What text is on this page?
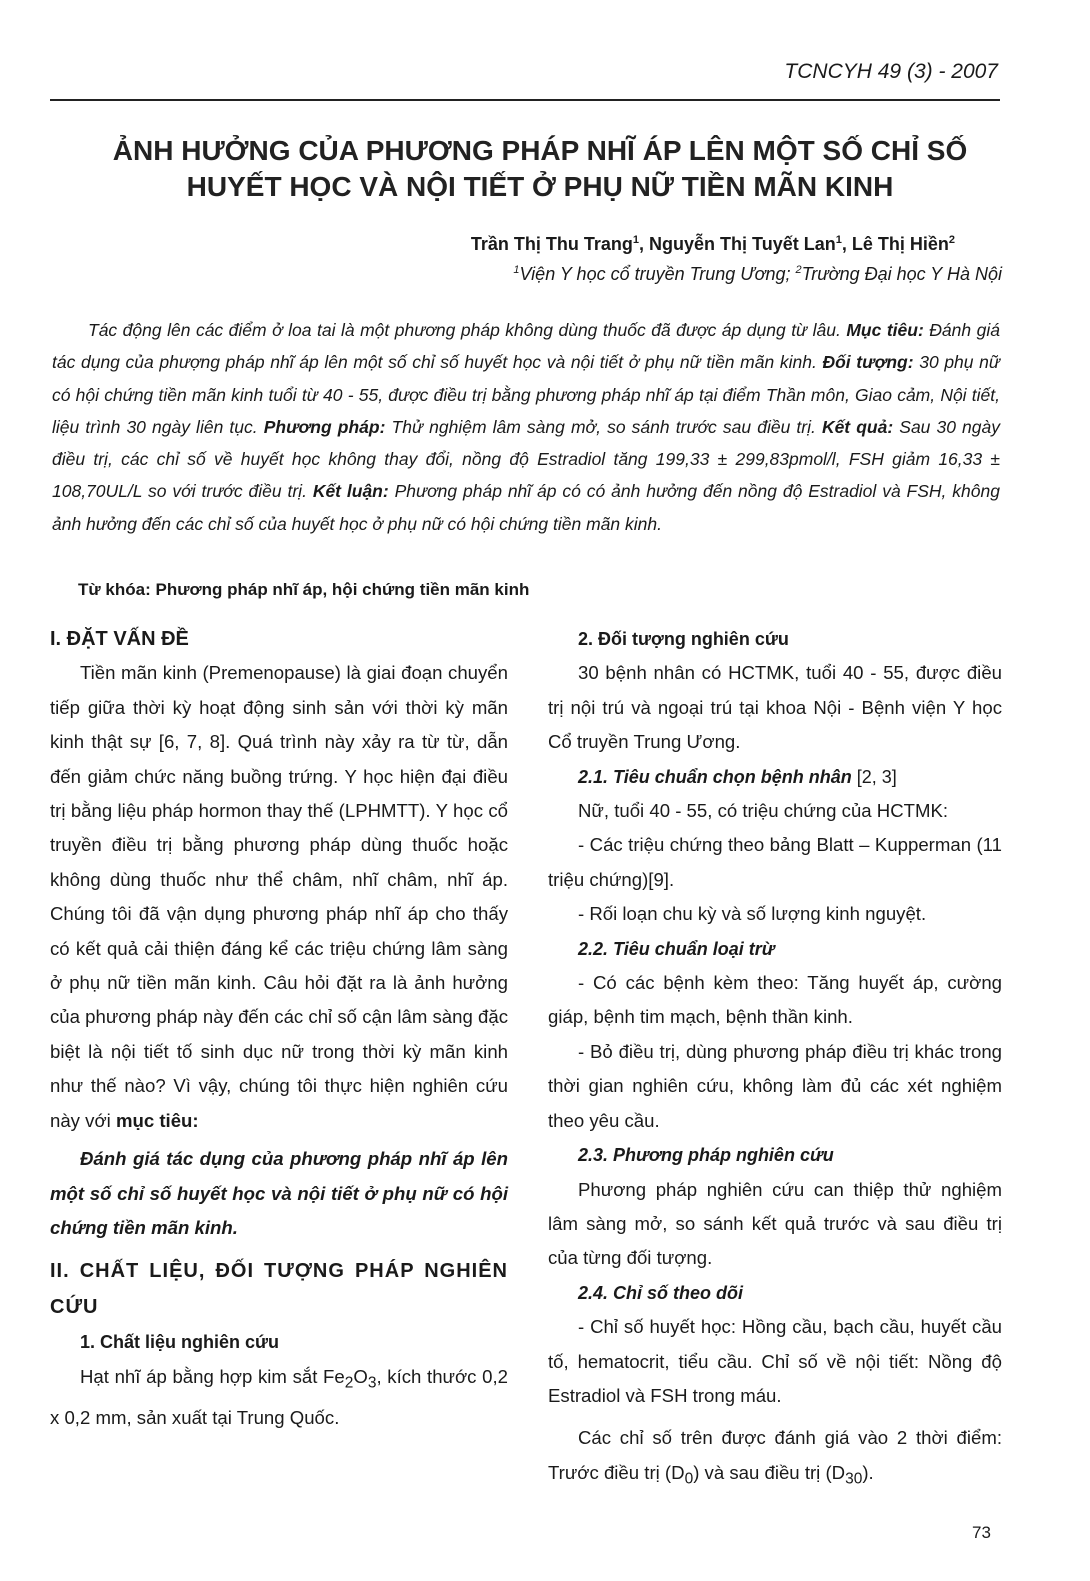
TCNCYH 49 (3) - 2007
ẢNH HƯỞNG CỦA PHƯƠNG PHÁP NHĨ ÁP LÊN MỘT SỐ CHỈ SỐ
HUYẾT HỌC VÀ NỘI TIẾT Ở PHỤ NỮ TIỀN MÃN KINH
Trần Thị Thu Trang$^1$, Nguyễn Thị Tuyết Lan$^1$, Lê Thị Hiền$^2$
$^1$Viện Y học cổ truyền Trung Ương; $^2$Trường Đại học Y Hà Nội
Tác động lên các điểm ở loa tai là một phương pháp không dùng thuốc đã được áp dụng từ lâu. Mục tiêu: Đánh giá tác dụng của phượng pháp nhĩ áp lên một số chỉ số huyết học và nội tiết ở phụ nữ tiền mãn kinh. Đối tượng: 30 phụ nữ có hội chứng tiền mãn kinh tuổi từ 40 - 55, được điều trị bằng phương pháp nhĩ áp tại điểm Thần môn, Giao cảm, Nội tiết, liệu trình 30 ngày liên tục. Phương pháp: Thử nghiệm lâm sàng mở, so sánh trước sau điều trị. Kết quả: Sau 30 ngày điều trị, các chỉ số về huyết học không thay đổi, nồng độ Estradiol tăng 199,33 ± 299,83pmol/l, FSH giảm 16,33 ± 108,70UL/L so với trước điều trị. Kết luận: Phương pháp nhĩ áp có có ảnh hưởng đến nồng độ Estradiol và FSH, không ảnh hưởng đến các chỉ số của huyết học ở phụ nữ có hội chứng tiền mãn kinh.
Từ khóa: Phương pháp nhĩ áp, hội chứng tiền mãn kinh

I. ĐẶT VẤN ĐỀ

Tiền mãn kinh (Premenopause) là giai đoạn chuyển tiếp giữa thời kỳ hoạt động sinh sản với thời kỳ mãn kinh thật sự [6, 7, 8]. Quá trình này xảy ra từ từ, dẫn đến giảm chức năng buồng trứng. Y học hiện đại điều trị bằng liệu pháp hormon thay thế (LPHMTT). Y học cổ truyền điều trị bằng phương pháp dùng thuốc hoặc không dùng thuốc như thể châm, nhĩ châm, nhĩ áp. Chúng tôi đã vận dụng phương pháp nhĩ áp cho thấy có kết quả cải thiện đáng kể các triệu chứng lâm sàng ở phụ nữ tiền mãn kinh. Câu hỏi đặt ra là ảnh hưởng của phương pháp này đến các chỉ số cận lâm sàng đặc biệt là nội tiết tố sinh dục nữ trong thời kỳ mãn kinh như thế nào? Vì vậy, chúng tôi thực hiện nghiên cứu này với mục tiêu:

Đánh giá tác dụng của phương pháp nhĩ áp lên một số chỉ số huyết học và nội tiết ở phụ nữ có hội chứng tiền mãn kinh.

II. CHẤT LIỆU, ĐỐI TƯỢNG PHÁP NGHIÊN CỨU

1. Chất liệu nghiên cứu

Hạt nhĩ áp bằng hợp kim sắt $Fe_2O_3$, kích thước 0,2 x 0,2 mm, sản xuất tại Trung Quốc.

2. Đối tượng nghiên cứu

30 bệnh nhân có HCTMK, tuổi 40 - 55, được điều trị nội trú và ngoại trú tại khoa Nội - Bệnh viện Y học Cổ truyền Trung Ương.

2.1. Tiêu chuẩn chọn bệnh nhân [2, 3]

Nữ, tuổi 40 - 55, có triệu chứng của HCTMK:

- Các triệu chứng theo bảng Blatt – Kupperman (11 triệu chứng)[9].

- Rối loạn chu kỳ và số lượng kinh nguyệt.

2.2. Tiêu chuẩn loại trừ

- Có các bệnh kèm theo: Tăng huyết áp, cường giáp, bệnh tim mạch, bệnh thần kinh.

- Bỏ điều trị, dùng phương pháp điều trị khác trong thời gian nghiên cứu, không làm đủ các xét nghiệm theo yêu cầu.

2.3. Phương pháp nghiên cứu

Phương pháp nghiên cứu can thiệp thử nghiệm lâm sàng mở, so sánh kết quả trước và sau điều trị của từng đối tượng.

2.4. Chỉ số theo dõi

- Chỉ số huyết học: Hồng cầu, bạch cầu, huyết cầu tố, hematocrit, tiểu cầu. Chỉ số về nội tiết: Nồng độ Estradiol và FSH trong máu.

Các chỉ số trên được đánh giá vào 2 thời điểm: Trước điều trị $(D_0)$ và sau điều trị $(D_{30})$.

73
